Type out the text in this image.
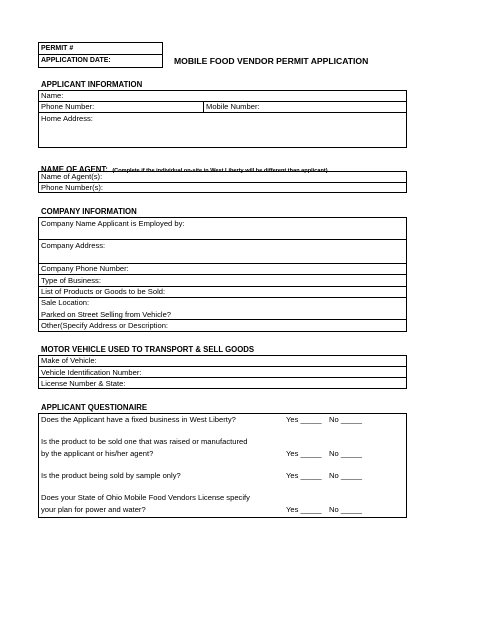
PERMIT #
APPLICATION DATE:	MOBILE FOOD VENDOR PERMIT APPLICATION
APPLICANT INFORMATION
Name:
Phone Number:	Mobile Number:
Home Address:
NAME OF AGENT: (Complete if the individual on-site in West Liberty will be different than applicant)
Name of Agent(s):
Phone Number(s):
COMPANY INFORMATION
Company Name Applicant is Employed by:
Company Address:
Company Phone Number:
Type of Business:
List of Products or Goods to be Sold:
Sale Location:
Parked on Street Selling from Vehicle?
Other(Specify Address or Description:
MOTOR VEHICLE USED TO TRANSPORT & SELL GOODS
Make of Vehicle:
Vehicle Identification Number:
License Number & State:
APPLICANT QUESTIONAIRE
Does the Applicant have a fixed business in West Liberty?	Yes _____ No _____
Is the product to be sold one that was raised or manufactured
by the applicant or his/her agent?	Yes _____ No _____
Is the product being sold by sample only?	Yes _____ No _____
Does your State of Ohio Mobile Food Vendors License specify
your plan for power and water?	Yes _____ No _____
